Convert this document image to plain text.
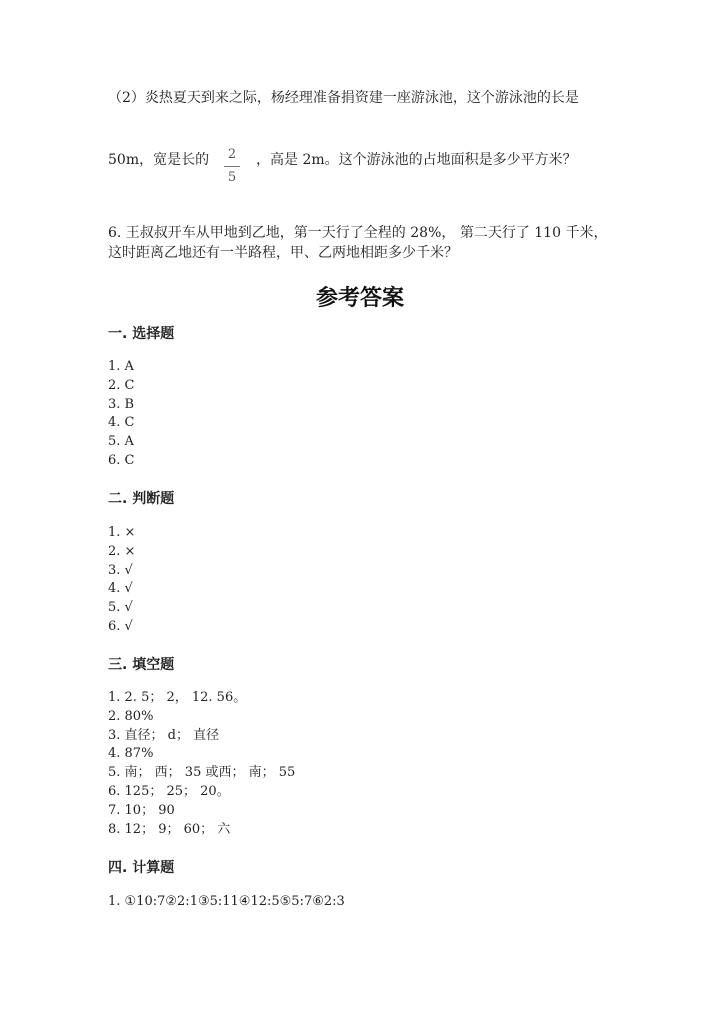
（2）炎热夏天到来之际，杨经理准备捐资建一座游泳池，这个游泳池的长是
50m，宽是长的	2
5
，高是 2m。这个游泳池的占地面积是多少平方米？
6. 王叔叔开车从甲地到乙地，第一天行了全程的 28%， 第二天行了 110 千米，
这时距离乙地还有一半路程，甲、乙两地相距多少千米？
参考答案
一. 选择题
1. A
2. C
3. B
4. C
5. A
6. C
二. 判断题
1. ×
2. ×
3. √
4. √
5. √
6. √
三. 填空题
1. 2. 5； 2， 12. 56。
2. 80%
3. 直径； d； 直径
4. 87%
5. 南； 西； 35 或西； 南； 55
6. 125； 25； 20。
7. 10； 90
8. 12； 9； 60； 六
四. 计算题
1. ①10:7②2:1③5:11④12:5⑤5:7⑥2:3
